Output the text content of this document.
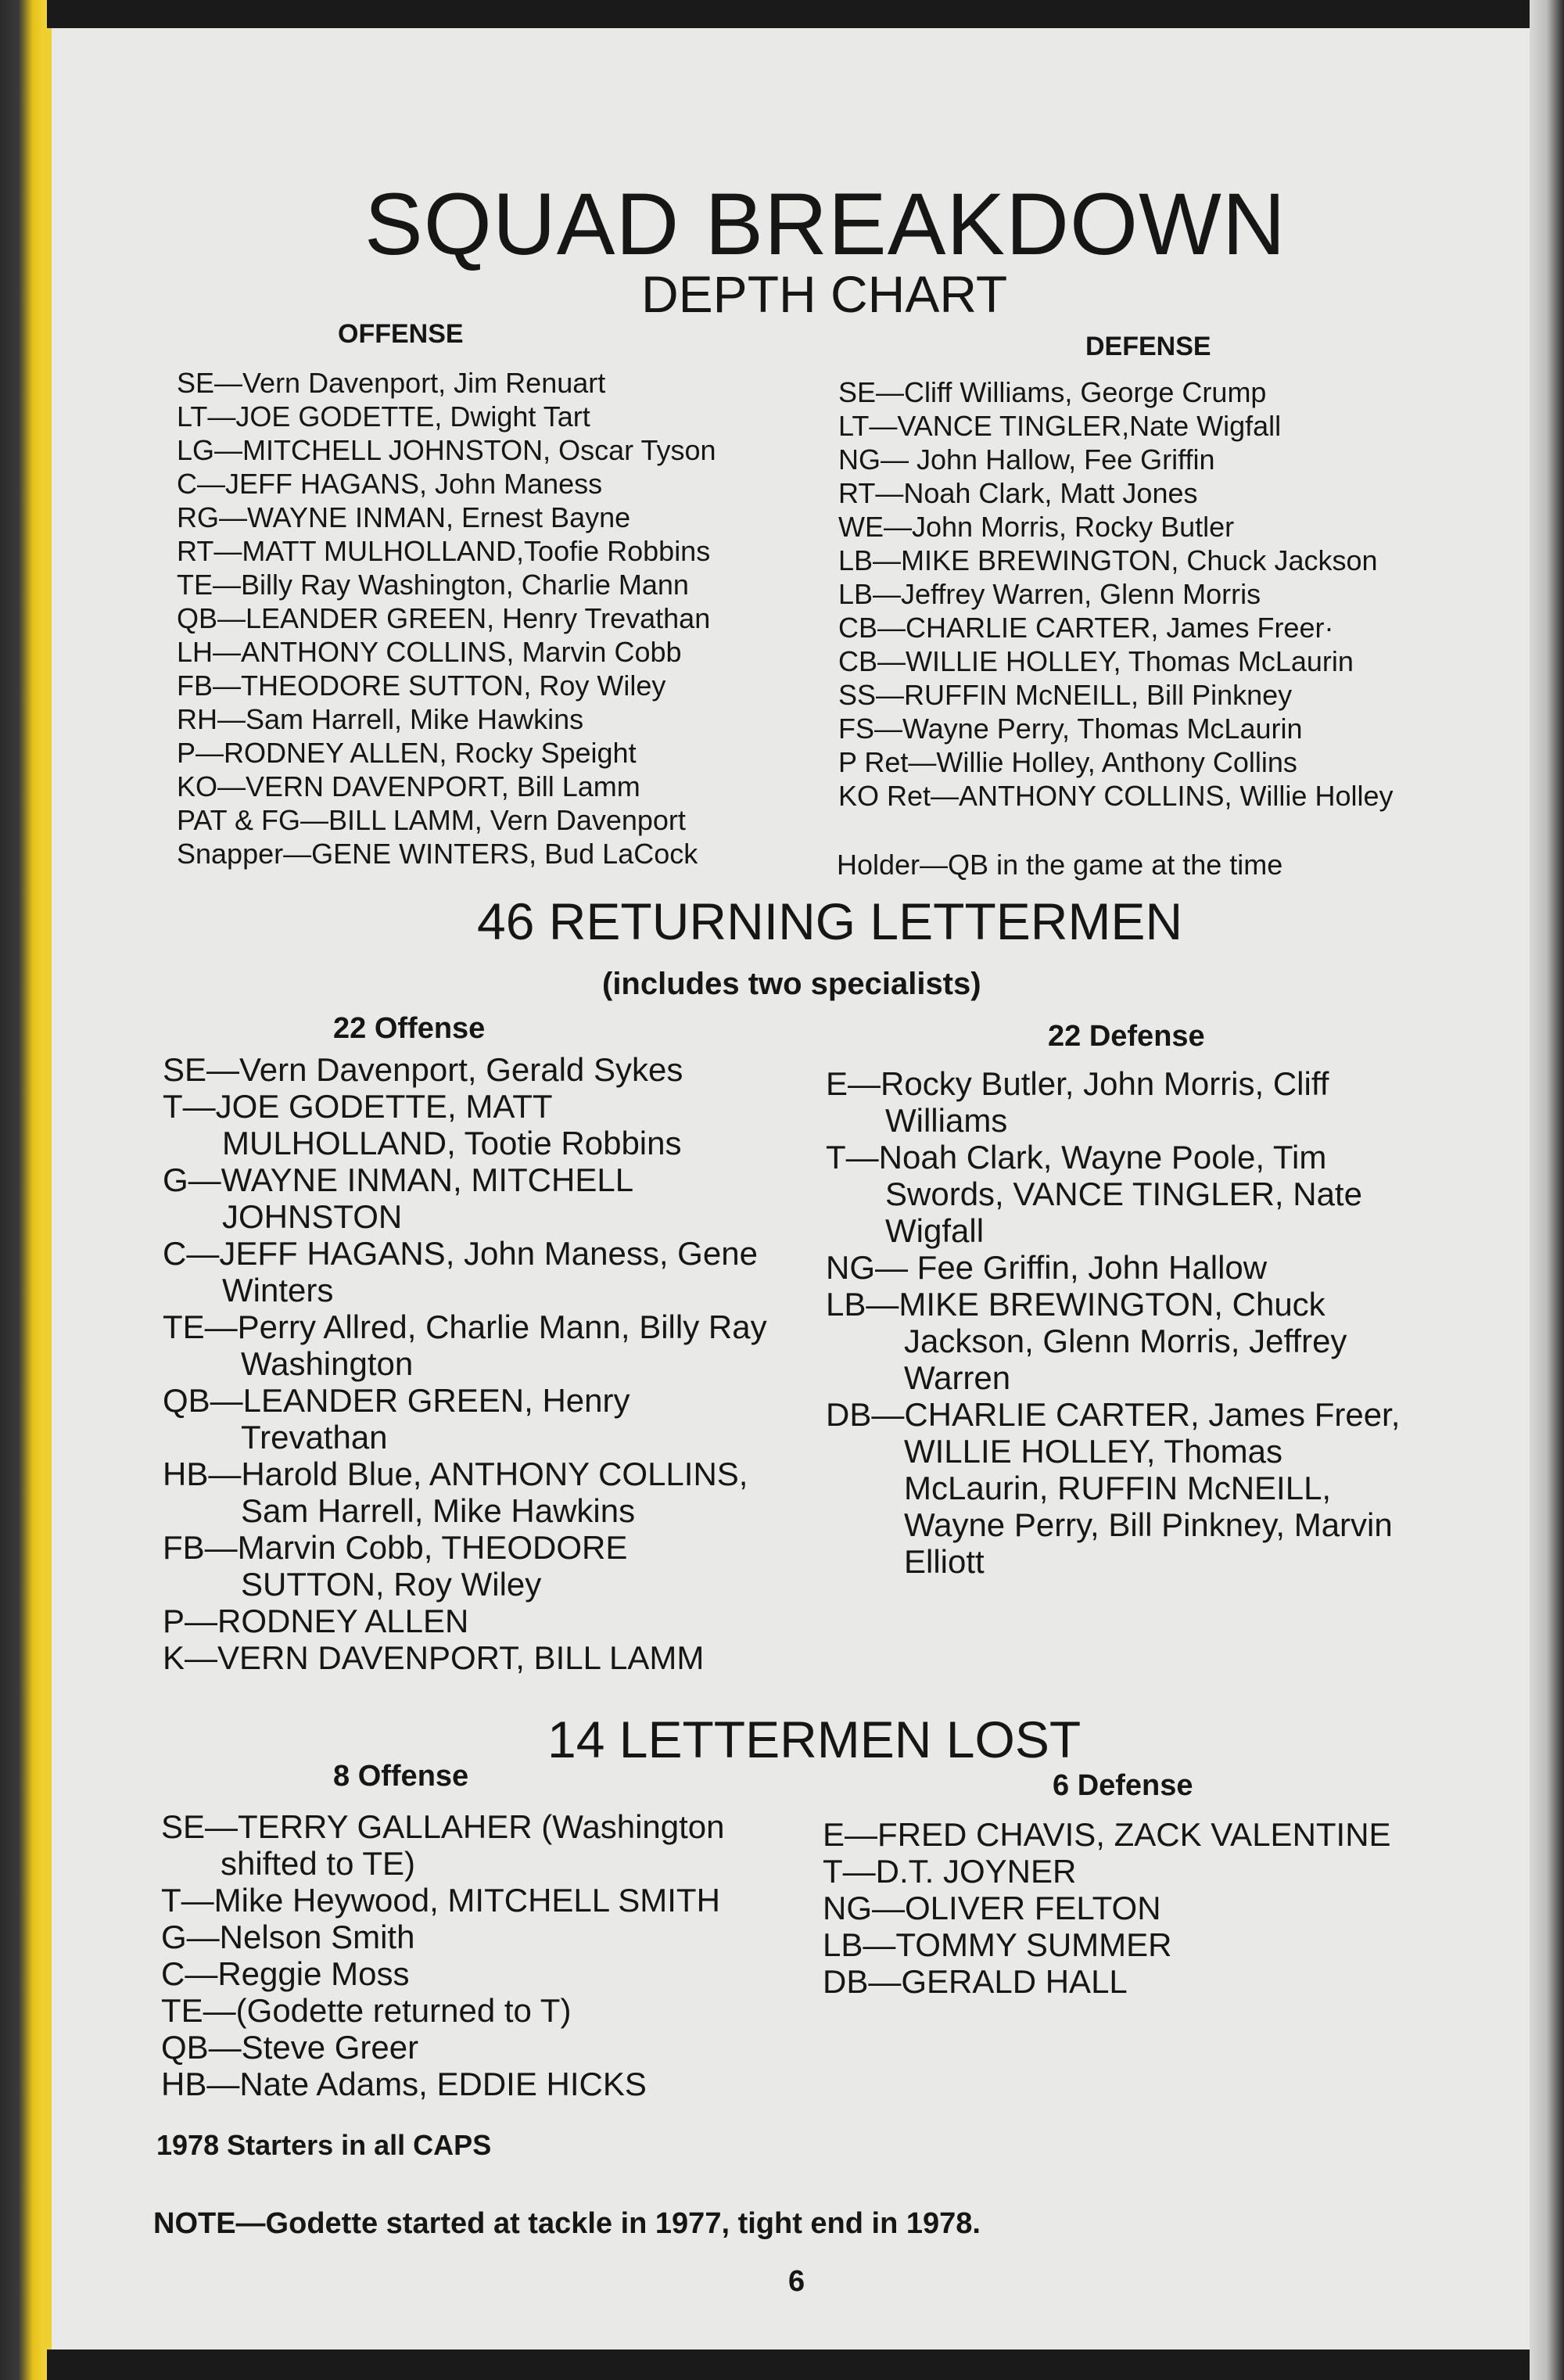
SQUAD BREAKDOWN
DEPTH CHART
OFFENSE
SE—Vern Davenport, Jim Renuart
LT—JOE GODETTE, Dwight Tart
LG—MITCHELL JOHNSTON, Oscar Tyson
C—JEFF HAGANS, John Maness
RG—WAYNE INMAN, Ernest Bayne
RT—MATT MULHOLLAND,Toofie Robbins
TE—Billy Ray Washington, Charlie Mann
QB—LEANDER GREEN, Henry Trevathan
LH—ANTHONY COLLINS, Marvin Cobb
FB—THEODORE SUTTON, Roy Wiley
RH—Sam Harrell, Mike Hawkins
P—RODNEY ALLEN, Rocky Speight
KO—VERN DAVENPORT, Bill Lamm
PAT & FG—BILL LAMM, Vern Davenport
Snapper—GENE WINTERS, Bud LaCock
DEFENSE
SE—Cliff Williams, George Crump
LT—VANCE TINGLER,Nate Wigfall
NG— John Hallow, Fee Griffin
RT—Noah Clark, Matt Jones
WE—John Morris, Rocky Butler
LB—MIKE BREWINGTON, Chuck Jackson
LB—Jeffrey Warren, Glenn Morris
CB—CHARLIE CARTER, James Freer·
CB—WILLIE HOLLEY, Thomas McLaurin
SS—RUFFIN McNEILL, Bill Pinkney
FS—Wayne Perry, Thomas McLaurin
P Ret—Willie Holley, Anthony Collins
KO Ret—ANTHONY COLLINS, Willie Holley
Holder—QB in the game at the time
46 RETURNING LETTERMEN
(includes two specialists)
22 Offense
SE—Vern Davenport, Gerald Sykes
T—JOE GODETTE, MATT
MULHOLLAND, Tootie Robbins
G—WAYNE INMAN, MITCHELL
JOHNSTON
C—JEFF HAGANS, John Maness, Gene
Winters
TE—Perry Allred, Charlie Mann, Billy Ray
Washington
QB—LEANDER GREEN, Henry
Trevathan
HB—Harold Blue, ANTHONY COLLINS,
Sam Harrell, Mike Hawkins
FB—Marvin Cobb, THEODORE
SUTTON, Roy Wiley
P—RODNEY ALLEN
K—VERN DAVENPORT, BILL LAMM
22 Defense
E—Rocky Butler, John Morris, Cliff
Williams
T—Noah Clark, Wayne Poole, Tim
Swords, VANCE TINGLER, Nate
Wigfall
NG— Fee Griffin, John Hallow
LB—MIKE BREWINGTON, Chuck
Jackson, Glenn Morris, Jeffrey
Warren
DB—CHARLIE CARTER, James Freer,
WILLIE HOLLEY, Thomas
McLaurin, RUFFIN McNEILL,
Wayne Perry, Bill Pinkney, Marvin
Elliott
14 LETTERMEN LOST
8 Offense
SE—TERRY GALLAHER (Washington
shifted to TE)
T—Mike Heywood, MITCHELL SMITH
G—Nelson Smith
C—Reggie Moss
TE—(Godette returned to T)
QB—Steve Greer
HB—Nate Adams, EDDIE HICKS
6 Defense
E—FRED CHAVIS, ZACK VALENTINE
T—D.T. JOYNER
NG—OLIVER FELTON
LB—TOMMY SUMMER
DB—GERALD HALL
1978 Starters in all CAPS
NOTE—Godette started at tackle in 1977, tight end in 1978.
6
